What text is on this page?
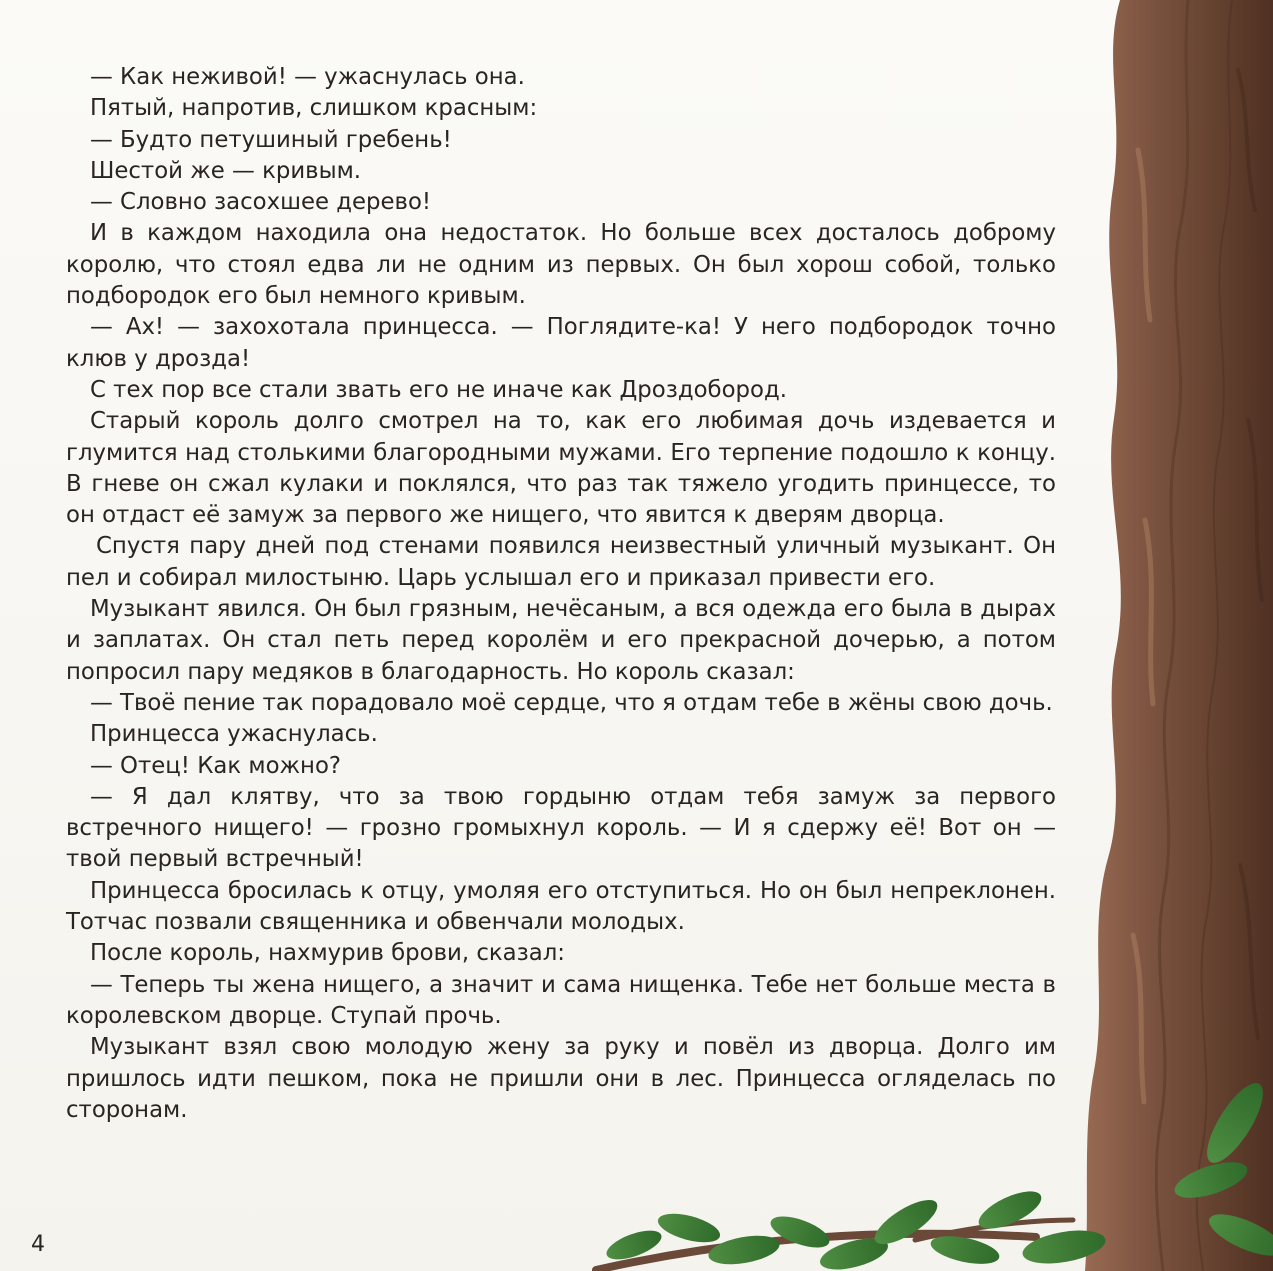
— Как неживой! — ужаснулась она.

Пятый, напротив, слишком красным:

— Будто петушиный гребень!

Шестой же — кривым.

— Словно засохшее дерево!

И в каждом находила она недостаток. Но больше всех досталось доброму королю, что стоял едва ли не одним из первых. Он был хорош собой, только подбородок его был немного кривым.

— Ах! — захохотала принцесса. — Поглядите-ка! У него подбородок точно клюв у дрозда!

С тех пор все стали звать его не иначе как Дроздобород.

Старый король долго смотрел на то, как его любимая дочь издевается и глумится над столькими благородными мужами. Его терпение подошло к концу. В гневе он сжал кулаки и поклялся, что раз так тяжело угодить принцессе, то он отдаст её замуж за первого же нищего, что явится к дверям дворца.

Спустя пару дней под стенами появился неизвестный уличный музыкант. Он пел и собирал милостыню. Царь услышал его и приказал привести его.

Музыкант явился. Он был грязным, нечёсаным, а вся одежда его была в дырах и заплатах. Он стал петь перед королём и его прекрасной дочерью, а потом попросил пару медяков в благодарность. Но король сказал:

— Твоё пение так порадовало моё сердце, что я отдам тебе в жёны свою дочь.

Принцесса ужаснулась.

— Отец! Как можно?

— Я дал клятву, что за твою гордыню отдам тебя замуж за первого встречного нищего! — грозно громыхнул король. — И я сдержу её! Вот он — твой первый встречный!

Принцесса бросилась к отцу, умоляя его отступиться. Но он был непреклонен. Тотчас позвали священника и обвенчали молодых.

После король, нахмурив брови, сказал:

— Теперь ты жена нищего, а значит и сама нищенка. Тебе нет больше места в королевском дворце. Ступай прочь.

Музыкант взял свою молодую жену за руку и повёл из дворца. Долго им пришлось идти пешком, пока не пришли они в лес. Принцесса огляделась по сторонам.

4
